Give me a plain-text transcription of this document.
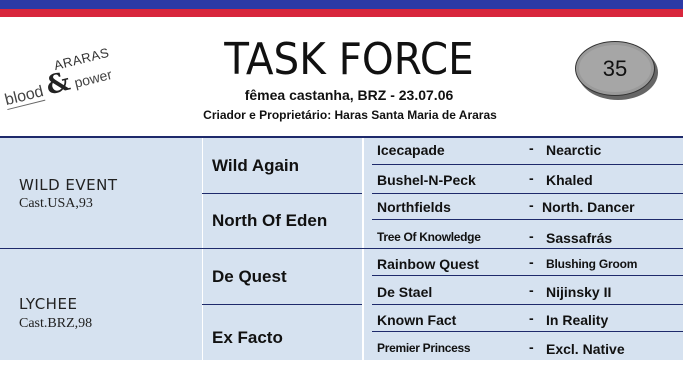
ARARAS
blood & power	TASK FORCE
fêmea castanha, BRZ - 23.07.06
Criador e Proprietário: Haras Santa Maria de Araras
35
WILD EVENT
Cast.USA,93
LYCHEE
Cast.BRZ,98
Wild Again
North Of Eden
De Quest
Ex Facto
Icecapade
Bushel-N-Peck
Northfields
Tree Of Knowledge
Rainbow Quest
De Stael
Known Fact
Premier Princess
-
-
-
-
-
-
-
-
Nearctic
Khaled
North. Dancer
Sassafrás
Blushing Groom
Nijinsky II
In Reality
Excl. Native
